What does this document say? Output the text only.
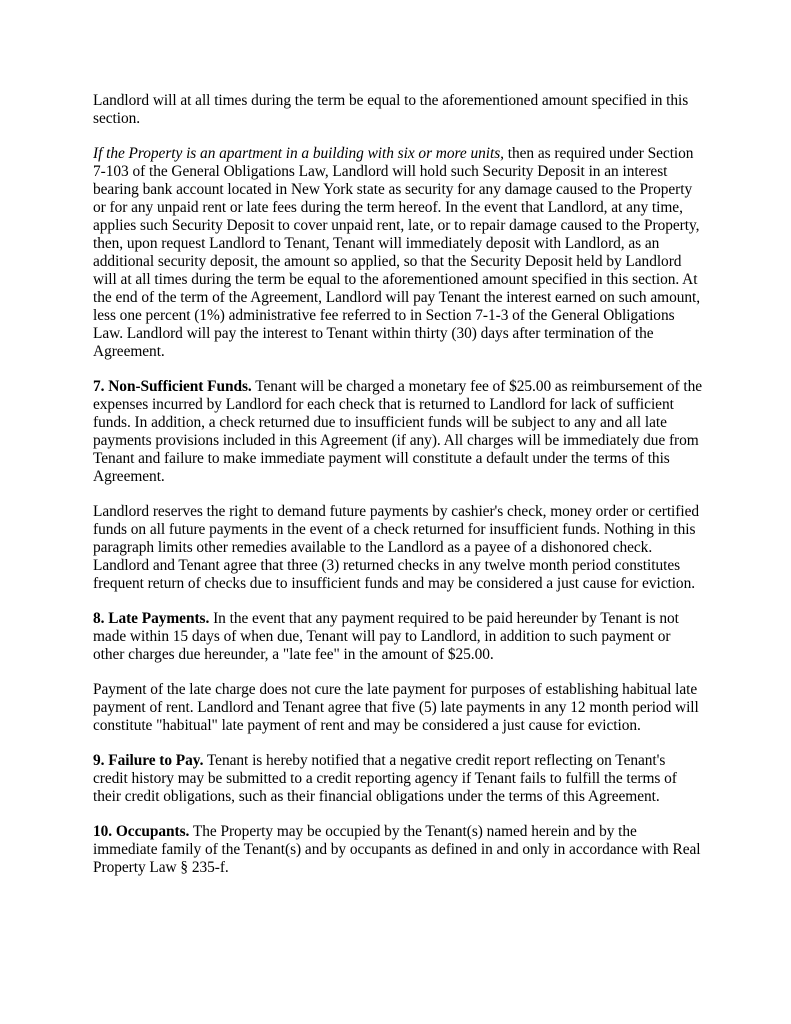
Landlord will at all times during the term be equal to the aforementioned amount specified in this section.

If the Property is an apartment in a building with six or more units, then as required under Section 7-103 of the General Obligations Law, Landlord will hold such Security Deposit in an interest bearing bank account located in New York state as security for any damage caused to the Property or for any unpaid rent or late fees during the term hereof. In the event that Landlord, at any time, applies such Security Deposit to cover unpaid rent, late, or to repair damage caused to the Property, then, upon request Landlord to Tenant, Tenant will immediately deposit with Landlord, as an additional security deposit, the amount so applied, so that the Security Deposit held by Landlord will at all times during the term be equal to the aforementioned amount specified in this section. At the end of the term of the Agreement, Landlord will pay Tenant the interest earned on such amount, less one percent (1%) administrative fee referred to in Section 7-1-3 of the General Obligations Law. Landlord will pay the interest to Tenant within thirty (30) days after termination of the Agreement.

7. Non-Sufficient Funds. Tenant will be charged a monetary fee of $25.00 as reimbursement of the expenses incurred by Landlord for each check that is returned to Landlord for lack of sufficient funds. In addition, a check returned due to insufficient funds will be subject to any and all late payments provisions included in this Agreement (if any). All charges will be immediately due from Tenant and failure to make immediate payment will constitute a default under the terms of this Agreement.

Landlord reserves the right to demand future payments by cashier's check, money order or certified funds on all future payments in the event of a check returned for insufficient funds. Nothing in this paragraph limits other remedies available to the Landlord as a payee of a dishonored check. Landlord and Tenant agree that three (3) returned checks in any twelve month period constitutes frequent return of checks due to insufficient funds and may be considered a just cause for eviction.

8. Late Payments. In the event that any payment required to be paid hereunder by Tenant is not made within 15 days of when due, Tenant will pay to Landlord, in addition to such payment or other charges due hereunder, a "late fee" in the amount of $25.00.

Payment of the late charge does not cure the late payment for purposes of establishing habitual late payment of rent. Landlord and Tenant agree that five (5) late payments in any 12 month period will constitute "habitual" late payment of rent and may be considered a just cause for eviction.

9. Failure to Pay. Tenant is hereby notified that a negative credit report reflecting on Tenant's credit history may be submitted to a credit reporting agency if Tenant fails to fulfill the terms of their credit obligations, such as their financial obligations under the terms of this Agreement.

10. Occupants. The Property may be occupied by the Tenant(s) named herein and by the immediate family of the Tenant(s) and by occupants as defined in and only in accordance with Real Property Law § 235-f.
